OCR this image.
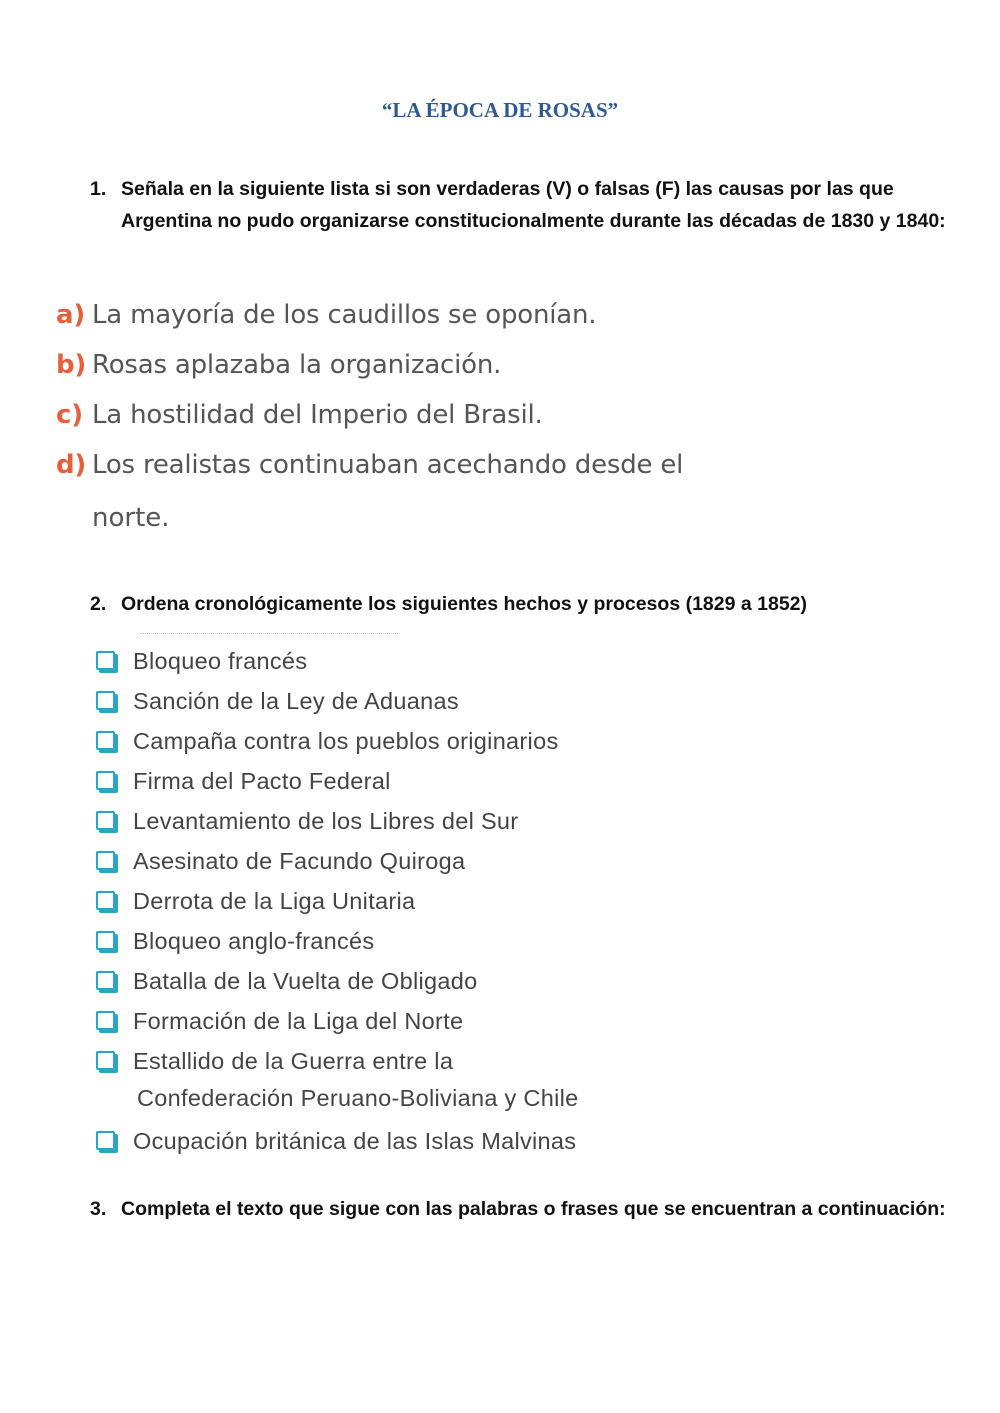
“LA ÉPOCA DE ROSAS”
1. Señala en la siguiente lista si son verdaderas (V) o falsas (F) las causas por las que Argentina no pudo organizarse constitucionalmente durante las décadas de 1830 y 1840:
a) La mayoría de los caudillos se oponían.
b) Rosas aplazaba la organización.
c) La hostilidad del Imperio del Brasil.
d) Los realistas continuaban acechando desde el
norte.
2. Ordena cronológicamente los siguientes hechos y procesos (1829 a 1852)
Bloqueo francés
Sanción de la Ley de Aduanas
Campaña contra los pueblos originarios
Firma del Pacto Federal
Levantamiento de los Libres del Sur
Asesinato de Facundo Quiroga
Derrota de la Liga Unitaria
Bloqueo anglo-francés
Batalla de la Vuelta de Obligado
Formación de la Liga del Norte
Estallido de la Guerra entre la
Confederación Peruano-Boliviana y Chile
Ocupación británica de las Islas Malvinas
3. Completa el texto que sigue con las palabras o frases que se encuentran a continuación:
